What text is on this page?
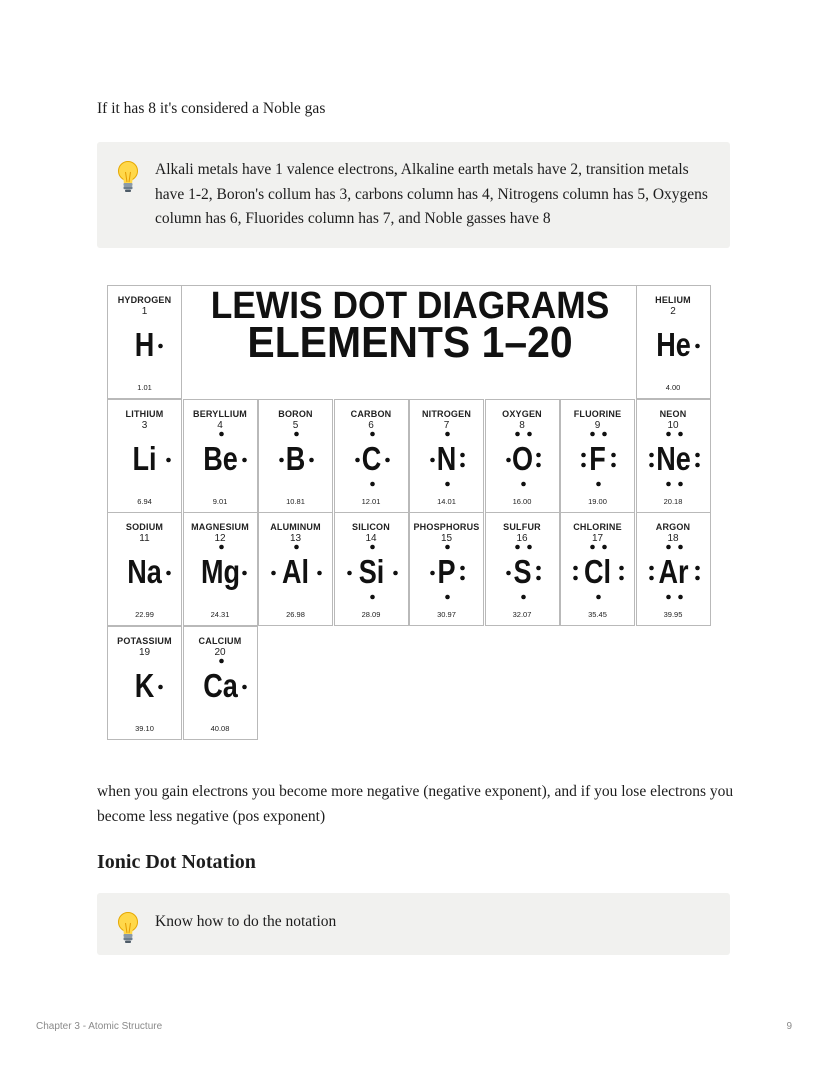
If it has 8 it's considered a Noble gas

Alkali metals have 1 valence electrons, Alkaline earth metals have 2, transition metals have 1-2, Boron's collum has 3, carbons column has 4, Nitrogens column has 5, Oxygens column has 6, Fluorides column has 7, and Noble gasses have 8

LEWIS DOT DIAGRAMS
ELEMENTS 1–20
HYDROGEN
1
H
1.01
HELIUM
2
He
4.00
LITHIUM
3
Li
6.94
BERYLLIUM
4
Be
9.01
BORON
5
B
10.81
CARBON
6
C
12.01
NITROGEN
7
N
14.01
OXYGEN
8
O
16.00
FLUORINE
9
F
19.00
NEON
10
Ne
20.18
SODIUM
11
Na
22.99
MAGNESIUM
12
Mg
24.31
ALUMINUM
13
Al
26.98
SILICON
14
Si
28.09
PHOSPHORUS
15
P
30.97
SULFUR
16
S
32.07
CHLORINE
17
Cl
35.45
ARGON
18
Ar
39.95
POTASSIUM
19
K
39.10
CALCIUM
20
Ca
40.08

when you gain electrons you become more negative (negative exponent), and if you lose electrons you become less negative (pos exponent)

Ionic Dot Notation

Know how to do the notation

Chapter 3 - Atomic Structure	9
